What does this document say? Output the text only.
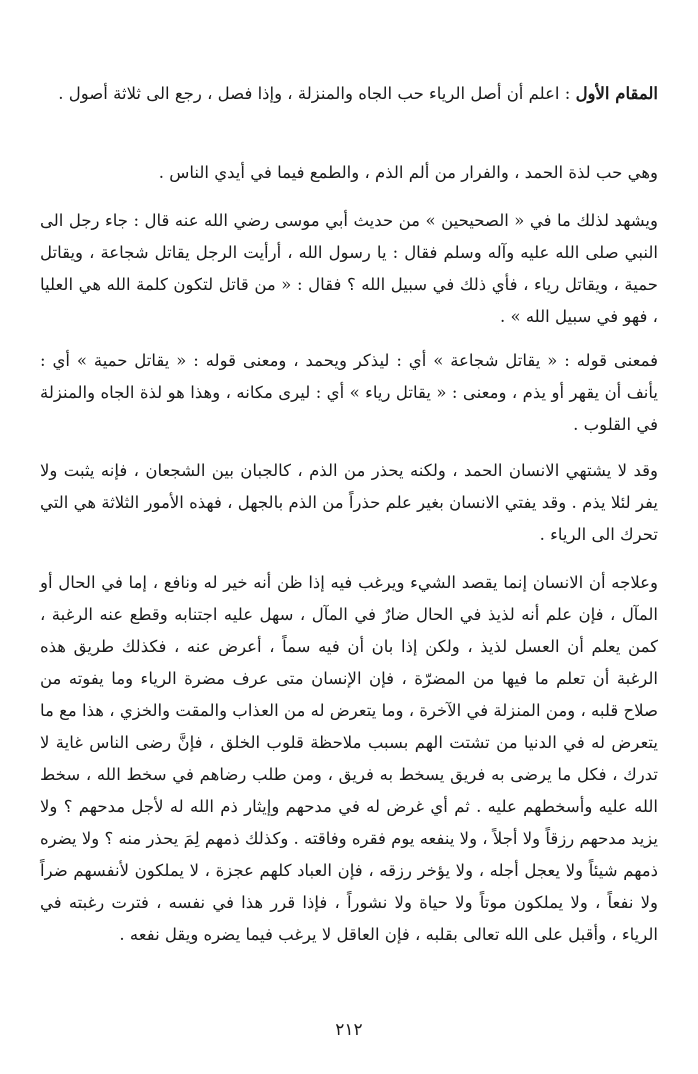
المقام الأول : اعلم أن أصل الرياء حب الجاه والمنزلة ، وإذا فصل ، رجع الى ثلاثة أصول .

وهي حب لذة الحمد ، والفرار من ألم الذم ، والطمع فيما في أيدي الناس .

ويشهد لذلك ما في « الصحيحين » من حديث أبي موسى رضي الله عنه قال : جاء رجل الى النبي صلى الله عليه وآله وسلم فقال : يا رسول الله ، أرأيت الرجل يقاتل شجاعة ، ويقاتل حمية ، ويقاتل رياء ، فأي ذلك في سبيل الله ؟ فقال : « من قاتل لتكون كلمة الله هي العليا ، فهو في سبيل الله » .

فمعنى قوله : « يقاتل شجاعة » أي : ليذكر ويحمد ، ومعنى قوله : « يقاتل حمية » أي : يأنف أن يقهر أو يذم ، ومعنى : « يقاتل رياء » أي : ليرى مكانه ، وهذا هو لذة الجاه والمنزلة في القلوب .

وقد لا يشتهي الانسان الحمد ، ولكنه يحذر من الذم ، كالجبان بين الشجعان ، فإنه يثبت ولا يفر لئلا يذم . وقد يفتي الانسان بغير علم حذراً من الذم بالجهل ، فهذه الأمور الثلاثة هي التي تحرك الى الرياء .

وعلاجه أن الانسان إنما يقصد الشيء ويرغب فيه إذا ظن أنه خير له ونافع ، إما في الحال أو المآل ، فإن علم أنه لذيذ في الحال ضارٌ في المآل ، سهل عليه اجتنابه وقطع عنه الرغبة ، كمن يعلم أن العسل لذيذ ، ولكن إذا بان أن فيه سماً ، أعرض عنه ، فكذلك طريق هذه الرغبة أن تعلم ما فيها من المضرّة ، فإن الإنسان متى عرف مضرة الرياء وما يفوته من صلاح قلبه ، ومن المنزلة في الآخرة ، وما يتعرض له من العذاب والمقت والخزي ، هذا مع ما يتعرض له في الدنيا من تشتت الهم بسبب ملاحظة قلوب الخلق ، فإنَّ رضى الناس غاية لا تدرك ، فكل ما يرضى به فريق يسخط به فريق ، ومن طلب رضاهم في سخط الله ، سخط الله عليه وأسخطهم عليه . ثم أي غرض له في مدحهم وإيثار ذم الله له لأجل مدحهم ؟ ولا يزيد مدحهم رزقاً ولا أجلاً ، ولا ينفعه يوم فقره وفاقته . وكذلك ذمهم لِمَ يحذر منه ؟ ولا يضره ذمهم شيئاً ولا يعجل أجله ، ولا يؤخر رزقه ، فإن العباد كلهم عجزة ، لا يملكون لأنفسهم ضراً ولا نفعاً ، ولا يملكون موتاً ولا حياة ولا نشوراً ، فإذا قرر هذا في نفسه ، فترت رغبته في الرياء ، وأقبل على الله تعالى بقلبه ، فإن العاقل لا يرغب فيما يضره ويقل نفعه .

٢١٢
